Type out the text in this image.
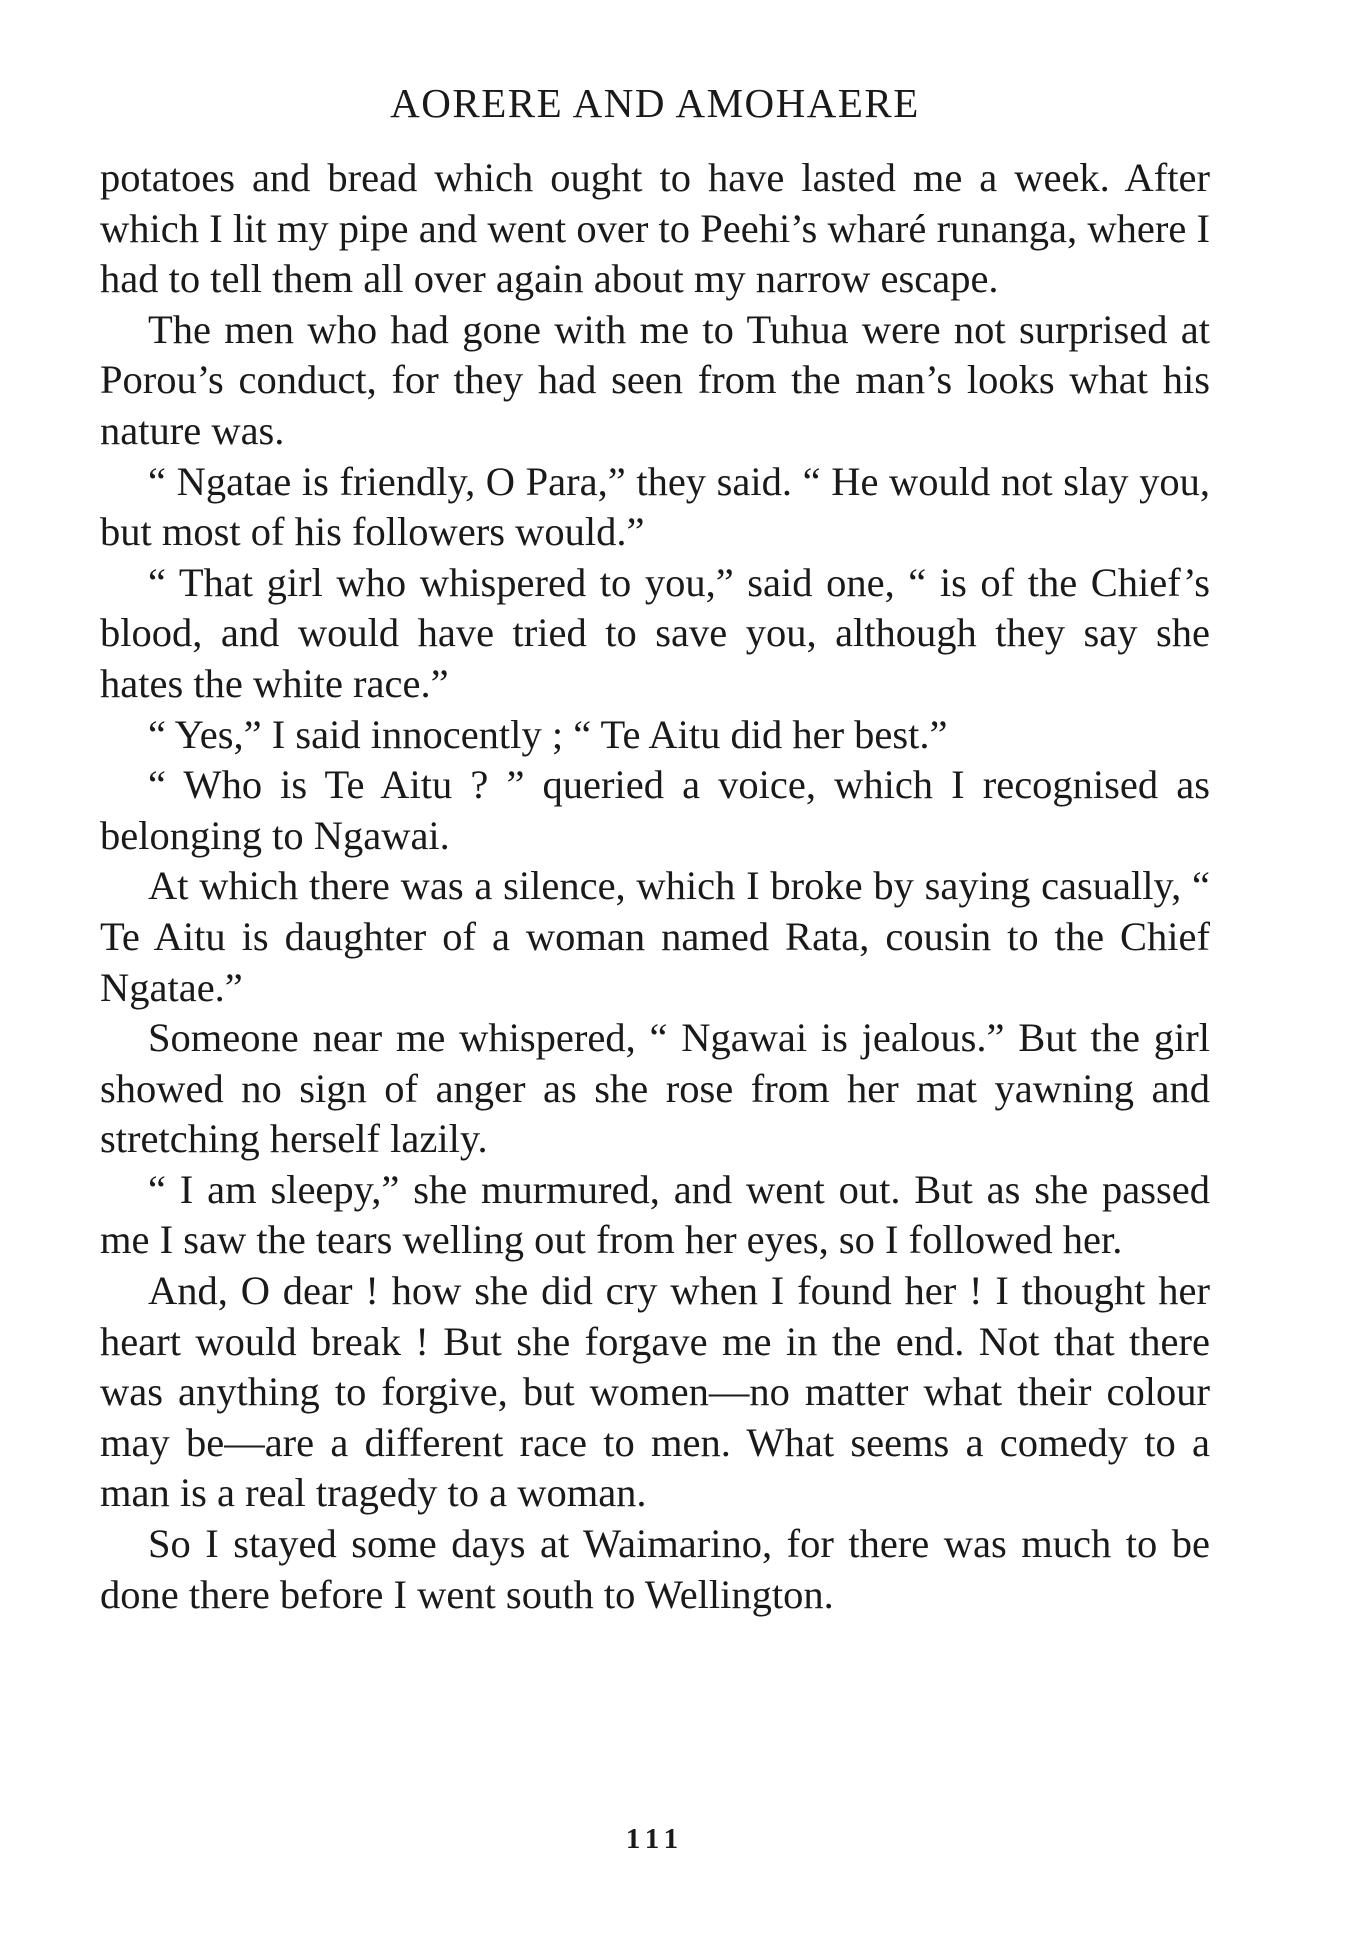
AORERE AND AMOHAERE

potatoes and bread which ought to have lasted me a week. After which I lit my pipe and went over to Peehi’s wharé runanga, where I had to tell them all over again about my narrow escape.

The men who had gone with me to Tuhua were not surprised at Porou’s conduct, for they had seen from the man’s looks what his nature was.

“ Ngatae is friendly, O Para,” they said. “ He would not slay you, but most of his followers would.”

“ That girl who whispered to you,” said one, “ is of the Chief’s blood, and would have tried to save you, although they say she hates the white race.”

“ Yes,” I said innocently ; “ Te Aitu did her best.”

“ Who is Te Aitu ? ” queried a voice, which I recognised as belonging to Ngawai.

At which there was a silence, which I broke by saying casually, “ Te Aitu is daughter of a woman named Rata, cousin to the Chief Ngatae.”

Someone near me whispered, “ Ngawai is jealous.” But the girl showed no sign of anger as she rose from her mat yawning and stretching herself lazily.

“ I am sleepy,” she murmured, and went out. But as she passed me I saw the tears welling out from her eyes, so I followed her.

And, O dear ! how she did cry when I found her ! I thought her heart would break ! But she forgave me in the end. Not that there was anything to forgive, but women—no matter what their colour may be—are a different race to men. What seems a comedy to a man is a real tragedy to a woman.

So I stayed some days at Waimarino, for there was much to be done there before I went south to Wellington.

111
